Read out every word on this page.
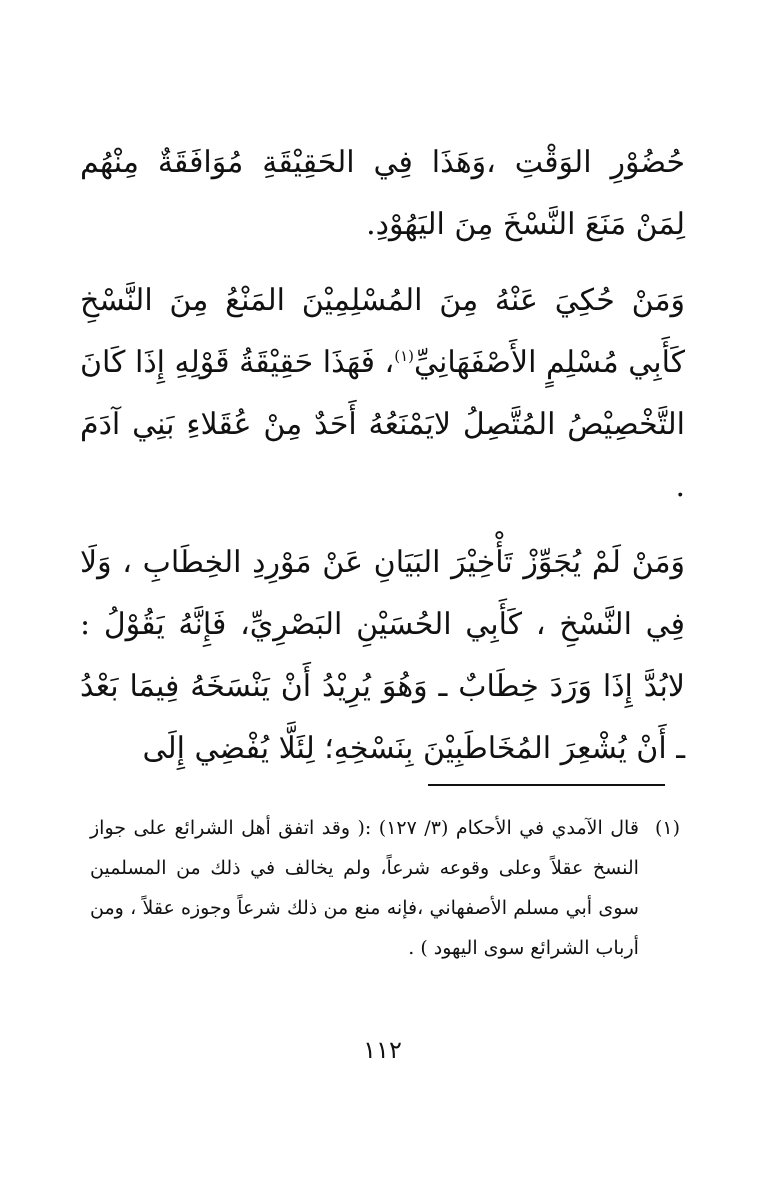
حُضُوْرِ الوَقْتِ ،وَهَذَا فِي الحَقِيْقَةِ مُوَافَقَةٌ مِنْهُم لِمَنْ مَنَعَ النَّسْخَ مِنَ اليَهُوْدِ.

وَمَنْ حُكِيَ عَنْهُ مِنَ المُسْلِمِيْنَ المَنْعُ مِنَ النَّسْخِ كَأَبِي مُسْلِمٍ الأَصْفَهَانِيِّ$^{(١)}$، فَهَذَا حَقِيْقَةُ قَوْلِهِ إِذَا كَانَ التَّخْصِيْصُ المُتَّصِلُ لايَمْنَعُهُ أَحَدٌ مِنْ عُقَلاءِ بَنِي آدَمَ .

وَمَنْ لَمْ يُجَوِّزْ تَأْخِيْرَ البَيَانِ عَنْ مَوْرِدِ الخِطَابِ ، وَلَا فِي النَّسْخِ ، كَأَبِي الحُسَيْنِ البَصْرِيِّ، فَإِنَّهُ يَقُوْلُ : لابُدَّ إِذَا وَرَدَ خِطَابٌ ـ وَهُوَ يُرِيْدُ أَنْ يَنْسَخَهُ فِيمَا بَعْدُ ـ أَنْ يُشْعِرَ المُخَاطَبِيْنَ بِنَسْخِهِ؛ لِئَلَّا يُفْضِي إِلَى

(١)
قال الآمدي في الأحكام (٣/ ١٢٧) :( وقد اتفق أهل الشرائع على جواز النسخ عقلاً وعلى وقوعه شرعاً، ولم يخالف في ذلك من المسلمين سوى أبي مسلم الأصفهاني ،فإنه منع من ذلك شرعاً وجوزه عقلاً ، ومن أرباب الشرائع سوى اليهود ) .
١١٢
